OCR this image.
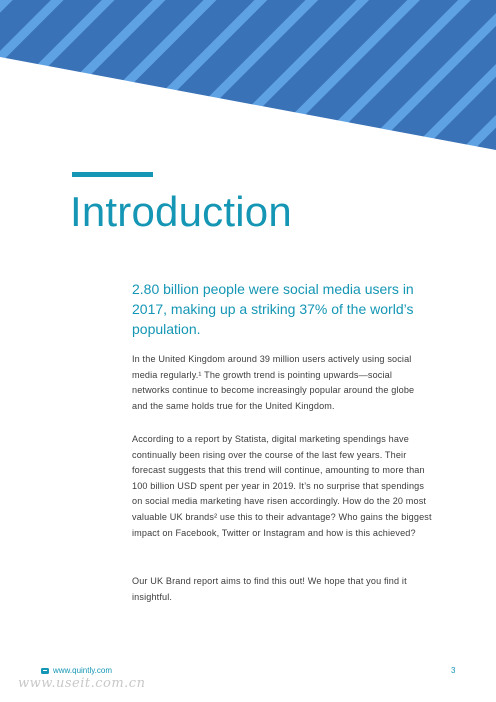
Introduction

2.80 billion people were social media users in 2017, making up a striking 37% of the world’s population.

In the United Kingdom around 39 million users actively using social media regularly.¹ The growth trend is pointing upwards—social networks continue to become increasingly popular around the globe and the same holds true for the United Kingdom.

According to a report by Statista, digital marketing spendings have continually been rising over the course of the last few years. Their forecast suggests that this trend will continue, amounting to more than 100 billion USD spent per year in 2019. It’s no surprise that spendings on social media marketing have risen accordingly. How do the 20 most valuable UK brands² use this to their advantage? Who gains the biggest impact on Facebook, Twitter or Instagram and how is this achieved?

Our UK Brand report aims to find this out! We hope that you find it insightful.

www.quintly.com	3
www.useit.com.cn
